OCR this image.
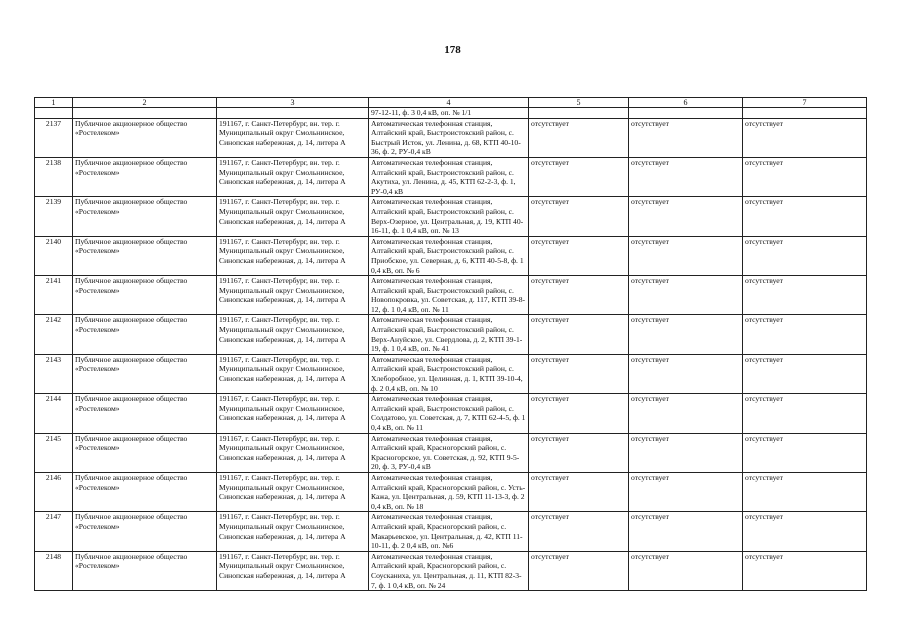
178
1	2	3	4	5	6	7
			97-12-11, ф. 3 0,4 кВ, оп. № 1/1			
2137	Публичное акционерное общество «Ростелеком»	191167, г. Санкт-Петербург, вн. тер. г. Муниципальный округ Смольнинское, Синопская набережная, д. 14, литера А	Автоматическая телефонная станция, Алтайский край, Быстроистокский район, с. Быстрый Исток, ул. Ленина, д. 68, КТП 40-10-36, ф. 2, РУ-0,4 кВ	отсутствует	отсутствует	отсутствует
2138	Публичное акционерное общество «Ростелеком»	191167, г. Санкт-Петербург, вн. тер. г. Муниципальный округ Смольнинское, Синопская набережная, д. 14, литера А	Автоматическая телефонная станция, Алтайский край, Быстроистокский район, с. Акутиха, ул. Ленина, д. 45, КТП 62-2-3, ф. 1, РУ-0,4 кВ	отсутствует	отсутствует	отсутствует
2139	Публичное акционерное общество «Ростелеком»	191167, г. Санкт-Петербург, вн. тер. г. Муниципальный округ Смольнинское, Синопская набережная, д. 14, литера А	Автоматическая телефонная станция, Алтайский край, Быстроистокский район, с. Верх-Озерное, ул. Центральная, д. 19, КТП 40-16-11, ф. 1 0,4 кВ, оп. № 13	отсутствует	отсутствует	отсутствует
2140	Публичное акционерное общество «Ростелеком»	191167, г. Санкт-Петербург, вн. тер. г. Муниципальный округ Смольнинское, Синопская набережная, д. 14, литера А	Автоматическая телефонная станция, Алтайский край, Быстроистокский район, с. Приобское, ул. Северная, д. 6, КТП 40-5-8, ф. 1 0,4 кВ, оп. № 6	отсутствует	отсутствует	отсутствует
2141	Публичное акционерное общество «Ростелеком»	191167, г. Санкт-Петербург, вн. тер. г. Муниципальный округ Смольнинское, Синопская набережная, д. 14, литера А	Автоматическая телефонная станция, Алтайский край, Быстроистокский район, с. Новопокровка, ул. Советская, д. 117, КТП 39-8-12, ф. 1 0,4 кВ, оп. № 11	отсутствует	отсутствует	отсутствует
2142	Публичное акционерное общество «Ростелеком»	191167, г. Санкт-Петербург, вн. тер. г. Муниципальный округ Смольнинское, Синопская набережная, д. 14, литера А	Автоматическая телефонная станция, Алтайский край, Быстроистокский район, с. Верх-Ануйское, ул. Свердлова, д. 2, КТП 39-1-19, ф. 1 0,4 кВ, оп. № 41	отсутствует	отсутствует	отсутствует
2143	Публичное акционерное общество «Ростелеком»	191167, г. Санкт-Петербург, вн. тер. г. Муниципальный округ Смольнинское, Синопская набережная, д. 14, литера А	Автоматическая телефонная станция, Алтайский край, Быстроистокский район, с. Хлеборобное, ул. Целинная, д. 1, КТП 39-10-4, ф. 2 0,4 кВ, оп. № 10	отсутствует	отсутствует	отсутствует
2144	Публичное акционерное общество «Ростелеком»	191167, г. Санкт-Петербург, вн. тер. г. Муниципальный округ Смольнинское, Синопская набережная, д. 14, литера А	Автоматическая телефонная станция, Алтайский край, Быстроистокский район, с. Солдатово, ул. Советская, д. 7, КТП 62-4-5, ф. 1 0,4 кВ, оп. № 11	отсутствует	отсутствует	отсутствует
2145	Публичное акционерное общество «Ростелеком»	191167, г. Санкт-Петербург, вн. тер. г. Муниципальный округ Смольнинское, Синопская набережная, д. 14, литера А	Автоматическая телефонная станция, Алтайский край, Красногорский район, с. Красногорское, ул. Советская, д. 92, КТП 9-5-20, ф. 3, РУ-0,4 кВ	отсутствует	отсутствует	отсутствует
2146	Публичное акционерное общество «Ростелеком»	191167, г. Санкт-Петербург, вн. тер. г. Муниципальный округ Смольнинское, Синопская набережная, д. 14, литера А	Автоматическая телефонная станция, Алтайский край, Красногорский район, с. Усть-Кажа, ул. Центральная, д. 59, КТП 11-13-3, ф. 2 0,4 кВ, оп. № 18	отсутствует	отсутствует	отсутствует
2147	Публичное акционерное общество «Ростелеком»	191167, г. Санкт-Петербург, вн. тер. г. Муниципальный округ Смольнинское, Синопская набережная, д. 14, литера А	Автоматическая телефонная станция, Алтайский край, Красногорский район, с. Макарьевское, ул. Центральная, д. 42, КТП 11-10-11, ф. 2 0,4 кВ, оп. №6	отсутствует	отсутствует	отсутствует
2148	Публичное акционерное общество «Ростелеком»	191167, г. Санкт-Петербург, вн. тер. г. Муниципальный округ Смольнинское, Синопская набережная, д. 14, литера А	Автоматическая телефонная станция, Алтайский край, Красногорский район, с. Соусканиха, ул. Центральная, д. 11, КТП 82-3-7, ф. 1 0,4 кВ, оп. № 24	отсутствует	отсутствует	отсутствует
